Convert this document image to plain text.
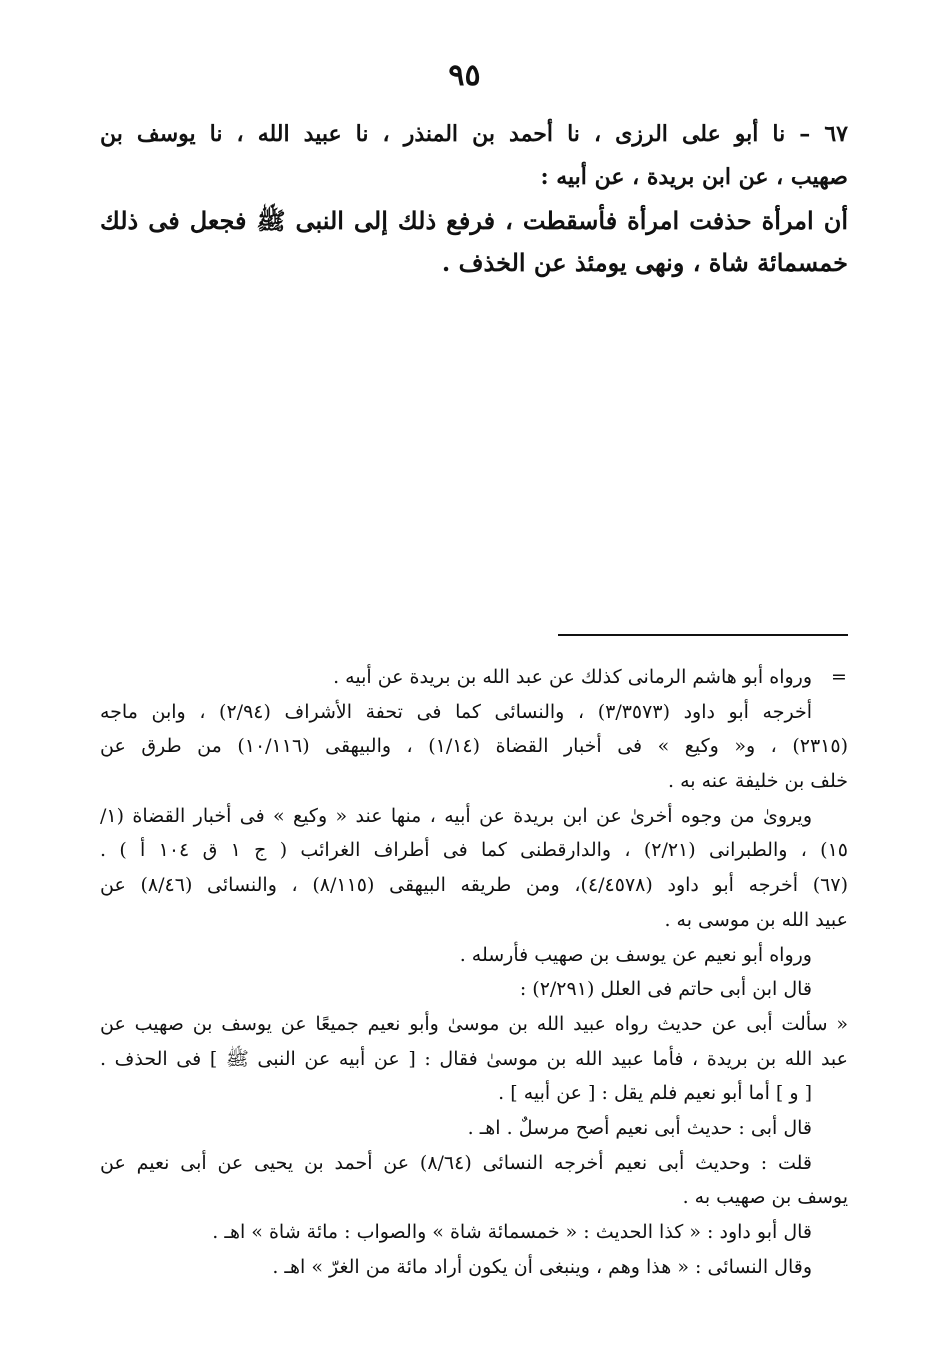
٩٥
٦٧ – نا أبو على الرزى ، نا أحمد بن المنذر ، نا عبيد الله ، نا يوسف بن
صهيب ، عن ابن بريدة ، عن أبيه :
أن امرأة حذفت امرأة فأسقطت ، فرفع ذلك إلى النبى ﷺ فجعل فى ذلك
خمسمائة شاة ، ونهى يومئذ عن الخذف .
=
ورواه أبو هاشم الرمانى كذلك عن عبد الله بن بريدة عن أبيه .
أخرجه أبو داود (٣/٣٥٧٣) ، والنسائى كما فى تحفة الأشراف (٢/٩٤) ، وابن ماجه
(٢٣١٥) ، و« وكيع » فى أخبار القضاة (١/١٤) ، والبيهقى (١٠/١١٦) من طرق عن
خلف بن خليفة عنه به .
ويروىٰ من وجوه أخرىٰ عن ابن بريدة عن أبيه ، منها عند « وكيع » فى أخبار القضاة (١/
١٥) ، والطبرانى (٢/٢١) ، والدارقطنى كما فى أطراف الغرائب ( ج ١ ق ١٠٤ أ ) .
(٦٧) أخرجه أبو داود (٤/٤٥٧٨)، ومن طريقه البيهقى (٨/١١٥) ، والنسائى (٨/٤٦) عن
عبيد الله بن موسى به .
ورواه أبو نعيم عن يوسف بن صهيب فأرسله .
قال ابن أبى حاتم فى العلل (٢/٢٩١) :
« سألت أبى عن حديث رواه عبيد الله بن موسىٰ وأبو نعيم جميعًا عن يوسف بن صهيب عن
عبد الله بن بريدة ، فأما عبيد الله بن موسىٰ فقال : [ عن أبيه عن النبى ﷺ ] فى الحذف .
[ و ] أما أبو نعيم فلم يقل : [ عن أبيه ] .
قال أبى : حديث أبى نعيم أصح مرسلٌ . اهـ .
قلت : وحديث أبى نعيم أخرجه النسائى (٨/٦٤) عن أحمد بن يحيى عن أبى نعيم عن
يوسف بن صهيب به .
قال أبو داود : « كذا الحديث : « خمسمائة شاة » والصواب : مائة شاة » اهـ .
وقال النسائى : « هذا وهم ، وينبغى أن يكون أراد مائة من الغرّ » اهـ .
